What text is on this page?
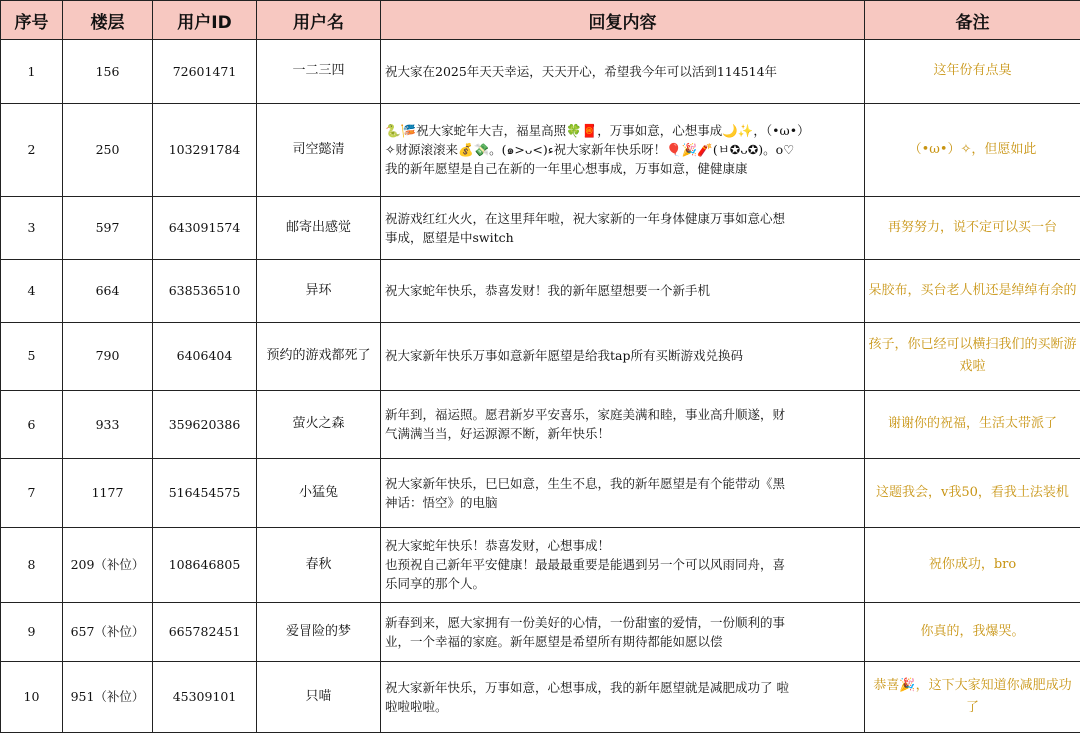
序号	楼层	用户ID	用户名	回复内容	备注
1	156	72601471	一二三四	祝大家在2025年天天幸运，天天开心，希望我今年可以活到114514年	这年份有点臭
2	250	103291784	司空懿清	🐍🎏祝大家蛇年大吉，福星高照🍀🧧，万事如意，心想事成🌙✨，（•ω•）
✧财源滚滚来💰💸。(๑>ᴗ<)ء祝大家新年快乐呀！🎈🎉🧨(ㅂ✪ᴗ✪)。o♡
我的新年愿望是自己在新的一年里心想事成，万事如意，健健康康	（•ω•）✧，但愿如此
3	597	643091574	邮寄出感觉	祝游戏红红火火，在这里拜年啦，祝大家新的一年身体健康万事如意心想
事成，愿望是中switch	再努努力，说不定可以买一台
4	664	638536510	异环	祝大家蛇年快乐，恭喜发财！我的新年愿望想要一个新手机	呆胶布，买台老人机还是绰绰有余的
5	790	6406404	预约的游戏都死了	祝大家新年快乐万事如意新年愿望是给我tap所有买断游戏兑换码	孩子，你已经可以横扫我们的买断游戏啦
6	933	359620386	萤火之森	新年到，福运照。愿君新岁平安喜乐，家庭美满和睦，事业高升顺遂，财
气满满当当，好运源源不断，新年快乐！	谢谢你的祝福，生活太带派了
7	1177	516454575	小猛兔	祝大家新年快乐，巳巳如意，生生不息，我的新年愿望是有个能带动《黑
神话：悟空》的电脑	这题我会，v我50，看我土法装机
8	209（补位）	108646805	春秋	祝大家蛇年快乐！恭喜发财，心想事成！
也预祝自己新年平安健康！最最最重要是能遇到另一个可以风雨同舟，喜
乐同享的那个人。	祝你成功，bro
9	657（补位）	665782451	爱冒险的梦	新春到来，愿大家拥有一份美好的心情，一份甜蜜的爱情，一份顺利的事
业，一个幸福的家庭。新年愿望是希望所有期待都能如愿以偿	你真的，我爆哭。
10	951（补位）	45309101	只喵	祝大家新年快乐，万事如意，心想事成，我的新年愿望就是减肥成功了 啦
啦啦啦啦。	恭喜🎉，这下大家知道你减肥成功了
